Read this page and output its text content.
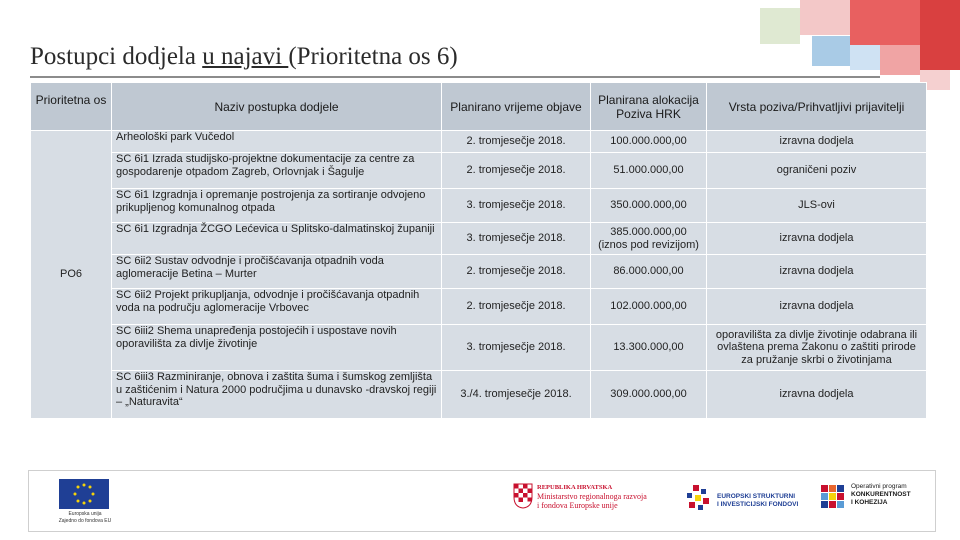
Postupci dodjela u najavi (Prioritetna os 6)
Prioritetna os	Naziv postupka dodjele	Planirano vrijeme objave	Planirana alokacija Poziva HRK	Vrsta poziva/Prihvatljivi prijavitelji
PO6	Arheološki park Vučedol	2. tromjesečje 2018.	100.000.000,00	izravna dodjela
	SC 6i1 Izrada studijsko-projektne dokumentacije za centre za gospodarenje otpadom Zagreb, Orlovnjak i Šagulje	2. tromjesečje 2018.	51.000.000,00	ograničeni poziv
	SC 6i1 Izgradnja i opremanje postrojenja za sortiranje odvojeno prikupljenog komunalnog otpada	3. tromjesečje 2018.	350.000.000,00	JLS-ovi
	SC 6i1 Izgradnja ŽCGO Lećevica u Splitsko-dalmatinskoj županiji	3. tromjesečje 2018.	385.000.000,00 (iznos pod revizijom)	izravna dodjela
	SC 6ii2 Sustav odvodnje i pročišćavanja otpadnih voda aglomeracije Betina – Murter	2. tromjesečje 2018.	86.000.000,00	izravna dodjela
	SC 6ii2 Projekt prikupljanja, odvodnje i pročišćavanja otpadnih voda na području aglomeracije Vrbovec	2. tromjesečje 2018.	102.000.000,00	izravna dodjela
	SC 6iii2 Shema unapređenja postojećih i uspostave novih oporavilišta za divlje životinje	3. tromjesečje 2018.	13.300.000,00	oporavilišta za divlje životinje odabrana ili ovlaštena prema Zakonu o zaštiti prirode za pružanje skrbi o životinjama
	SC 6iii3 Razminiranje, obnova i zaštita šuma i šumskog zemljišta u zaštićenim i Natura 2000 područjima u dunavsko -dravskoj regiji – „Naturavita“	3./4. tromjesečje 2018.	309.000.000,00	izravna dodjela
Europska unija
Zajedno do fondova EU
REPUBLIKA HRVATSKA
Ministarstvo regionalnoga razvoja
i fondova Europske unije
EUROPSKI STRUKTURNI
I INVESTICIJSKI FONDOVI
Operativni program
KONKURENTNOST
I KOHEZIJA
